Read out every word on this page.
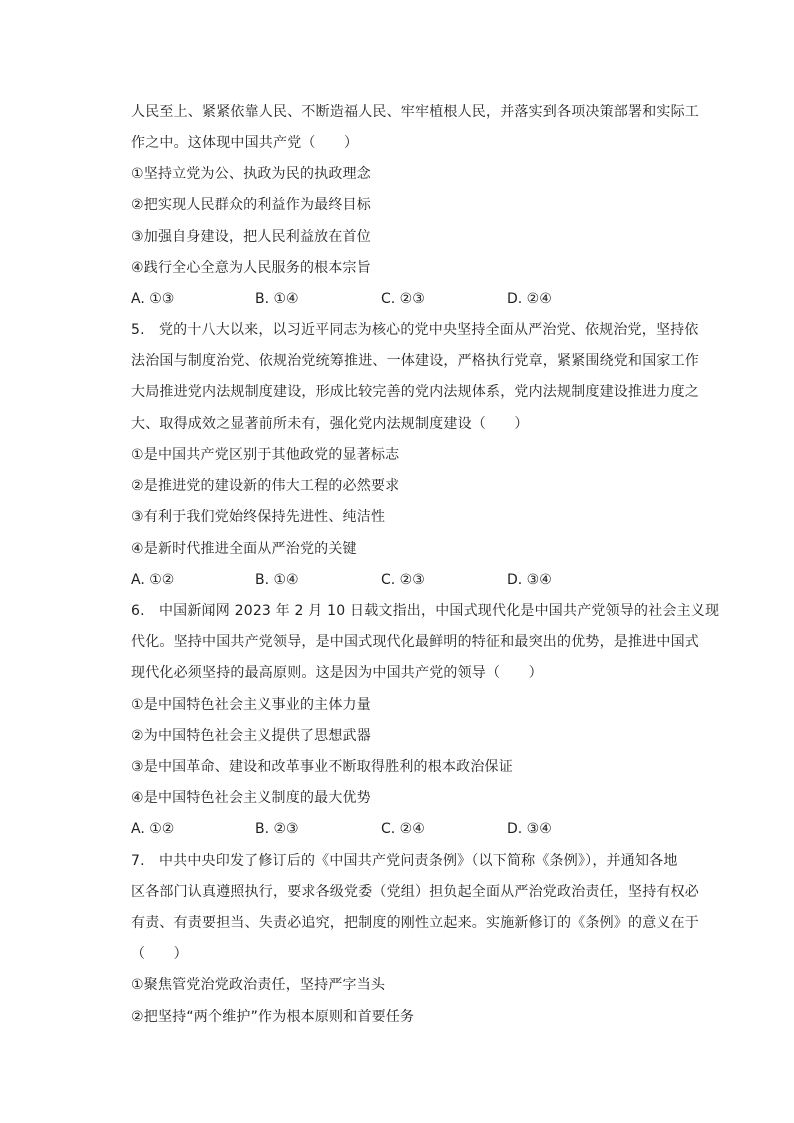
人民至上、紧紧依靠人民、不断造福人民、牢牢植根人民，并落实到各项决策部署和实际工
作之中。这体现中国共产党（　　）
①坚持立党为公、执政为民的执政理念
②把实现人民群众的利益作为最终目标
③加强自身建设，把人民利益放在首位
④践行全心全意为人民服务的根本宗旨
A. ①③	B. ①④	C. ②③	D. ②④
5.　党的十八大以来，以习近平同志为核心的党中央坚持全面从严治党、依规治党，坚持依
法治国与制度治党、依规治党统筹推进、一体建设，严格执行党章，紧紧围绕党和国家工作
大局推进党内法规制度建设，形成比较完善的党内法规体系，党内法规制度建设推进力度之
大、取得成效之显著前所未有，强化党内法规制度建设（　　）
①是中国共产党区别于其他政党的显著标志
②是推进党的建设新的伟大工程的必然要求
③有利于我们党始终保持先进性、纯洁性
④是新时代推进全面从严治党的关键
A. ①②	B. ①④	C. ②③	D. ③④
6.　中国新闻网 2023 年 2 月 10 日载文指出，中国式现代化是中国共产党领导的社会主义现
代化。坚持中国共产党领导，是中国式现代化最鲜明的特征和最突出的优势，是推进中国式
现代化必须坚持的最高原则。这是因为中国共产党的领导（　　）
①是中国特色社会主义事业的主体力量
②为中国特色社会主义提供了思想武器
③是中国革命、建设和改革事业不断取得胜利的根本政治保证
④是中国特色社会主义制度的最大优势
A. ①②	B. ②③	C. ②④	D. ③④
7.　中共中央印发了修订后的《中国共产党问责条例》（以下简称《条例》），并通知各地
区各部门认真遵照执行，要求各级党委（党组）担负起全面从严治党政治责任，坚持有权必
有责、有责要担当、失责必追究，把制度的刚性立起来。实施新修订的《条例》的意义在于
（　　）
①聚焦管党治党政治责任，坚持严字当头
②把坚持“两个维护”作为根本原则和首要任务
